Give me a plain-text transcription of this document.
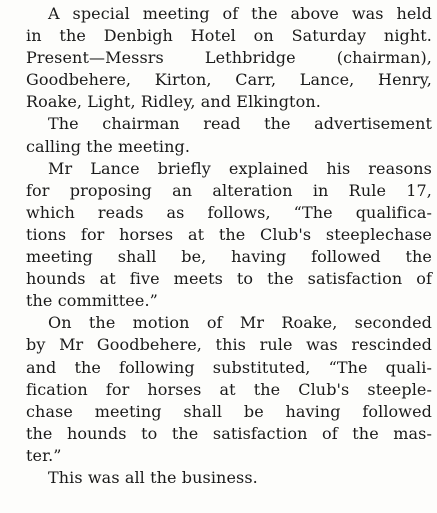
A special meeting of the above was held
in the Denbigh Hotel on Saturday night.
Present—Messrs Lethbridge (chairman),
Goodbehere, Kirton, Carr, Lance, Henry,
Roake, Light, Ridley, and Elkington.

The chairman read the advertisement
calling the meeting.

Mr Lance briefly explained his reasons
for proposing an alteration in Rule 17,
which reads as follows, “The qualifica-
tions for horses at the Club's steeplechase
meeting shall be, having followed the
hounds at five meets to the satisfaction of
the committee.”

On the motion of Mr Roake, seconded
by Mr Goodbehere, this rule was rescinded
and the following substituted, “The quali-
fication for horses at the Club's steeple-
chase meeting shall be having followed
the hounds to the satisfaction of the mas-
ter.”

This was all the business.
